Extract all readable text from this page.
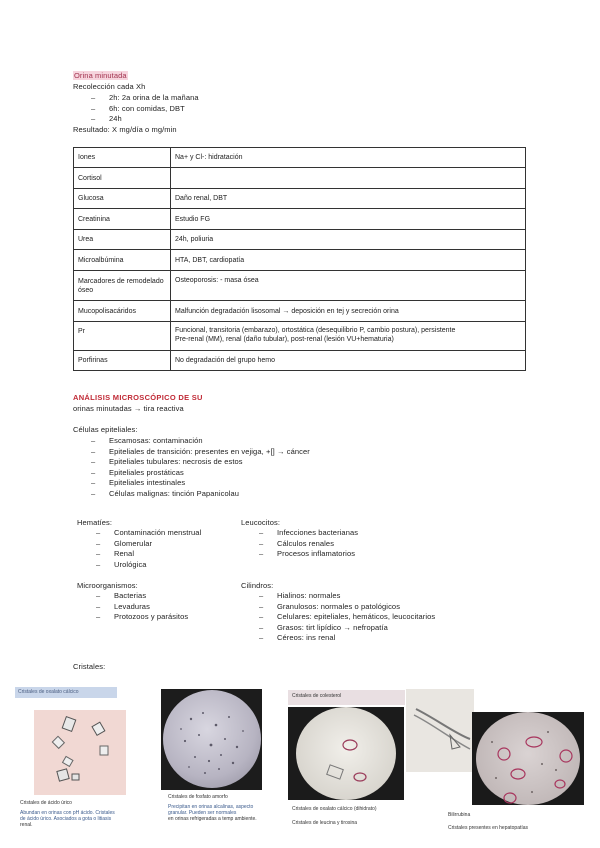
Orina minutada
Recolección cada Xh
– 2h: 2a orina de la mañana
– 6h: con comidas, DBT
– 24h
Resultado: X mg/día o mg/min
Iones	Na+ y Cl-: hidratación
Cortisol	
Glucosa	Daño renal, DBT
Creatinina	Estudio FG
Urea	24h, poliuria
Microalbúmina	HTA, DBT, cardiopatía
Marcadores de remodelado óseo	Osteoporosis: - masa ósea
Mucopolisacáridos	Malfunción degradación lisosomal → deposición en tej y secreción orina
Pr	Funcional, transitoria (embarazo), ortostática (desequilibrio P, cambio postura), persistente
Pre-renal (MM), renal (daño tubular), post-renal (lesión VU+hematuria)

Porfirinas	No degradación del grupo hemo
ANÁLISIS MICROSCÓPICO DE SU
orinas minutadas → tira reactiva
Células epiteliales:
– Escamosas: contaminación
– Epiteliales de transición: presentes en vejiga, +[] → cáncer
– Epiteliales tubulares: necrosis de estos
– Epiteliales prostáticas
– Epiteliales intestinales
– Células malignas: tinción Papanicolau
Hematíes:
– Contaminación menstrual
– Glomerular
– Renal
– Urológica
Leucocitos:
– Infecciones bacterianas
– Cálculos renales
– Procesos inflamatorios
Microorganismos:
– Bacterias
– Levaduras
– Protozoos y parásitos
Cilindros:
– Hialinos: normales
– Granulosos: normales o patológicos
– Celulares: epiteliales, hemáticos, leucocitarios
– Grasos: tirt lipídico → nefropatía
– Céreos: ins renal
Cristales:
Cristales de oxalato cálcico
Cristales de ácido úrico
Abundan en orinas con pH ácido. Cristales
de ácido úrico. Asociados a gota o litiasis
renal.
Cristales de fosfato amorfo
Precipitan en orinas alcalinas, aspecto
granular. Pueden ser normales
en orinas refrigeradas a temp ambiente.
Cristales de colesterol
Cristales de oxalato cálcico (dihidrato)
Cristales de leucina y tirosina
Bilirrubina
Cristales presentes en hepatopatías
